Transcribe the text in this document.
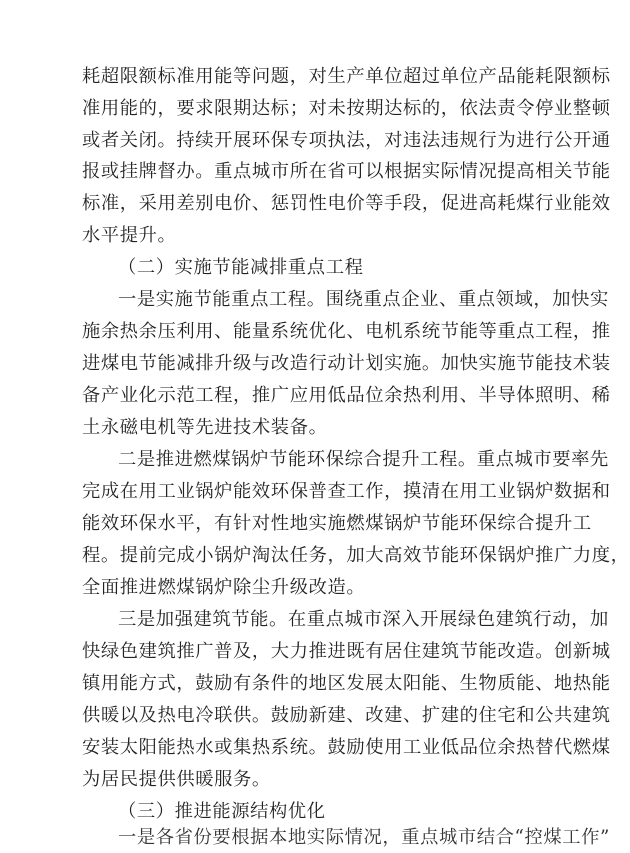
耗超限额标准用能等问题，对生产单位超过单位产品能耗限额标
准用能的，要求限期达标；对未按期达标的，依法责令停业整顿
或者关闭。持续开展环保专项执法，对违法违规行为进行公开通
报或挂牌督办。重点城市所在省可以根据实际情况提高相关节能
标准，采用差别电价、惩罚性电价等手段，促进高耗煤行业能效
水平提升。
（二）实施节能减排重点工程
一是实施节能重点工程。围绕重点企业、重点领域，加快实
施余热余压利用、能量系统优化、电机系统节能等重点工程，推
进煤电节能减排升级与改造行动计划实施。加快实施节能技术装
备产业化示范工程，推广应用低品位余热利用、半导体照明、稀
土永磁电机等先进技术装备。
二是推进燃煤锅炉节能环保综合提升工程。重点城市要率先
完成在用工业锅炉能效环保普查工作，摸清在用工业锅炉数据和
能效环保水平，有针对性地实施燃煤锅炉节能环保综合提升工
程。提前完成小锅炉淘汰任务，加大高效节能环保锅炉推广力度，
全面推进燃煤锅炉除尘升级改造。
三是加强建筑节能。在重点城市深入开展绿色建筑行动，加
快绿色建筑推广普及，大力推进既有居住建筑节能改造。创新城
镇用能方式，鼓励有条件的地区发展太阳能、生物质能、地热能
供暖以及热电冷联供。鼓励新建、改建、扩建的住宅和公共建筑
安装太阳能热水或集热系统。鼓励使用工业低品位余热替代燃煤
为居民提供供暖服务。
（三）推进能源结构优化
一是各省份要根据本地实际情况，重点城市结合“控煤工作”
